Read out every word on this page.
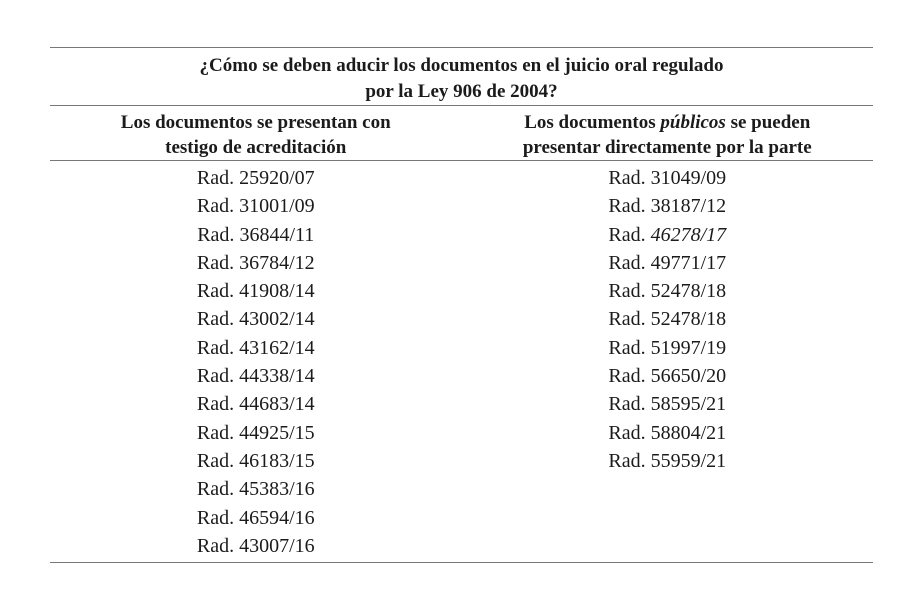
¿Cómo se deben aducir los documentos en el juicio oral regulado
por la Ley 906 de 2004?
Los documentos se presentan con
testigo de acreditación
Los documentos públicos se pueden
presentar directamente por la parte
Rad. 25920/07
Rad. 31001/09
Rad. 36844/11
Rad. 36784/12
Rad. 41908/14
Rad. 43002/14
Rad. 43162/14
Rad. 44338/14
Rad. 44683/14
Rad. 44925/15
Rad. 46183/15
Rad. 45383/16
Rad. 46594/16
Rad. 43007/16
Rad. 31049/09
Rad. 38187/12
Rad. 46278/17
Rad. 49771/17
Rad. 52478/18
Rad. 52478/18
Rad. 51997/19
Rad. 56650/20
Rad. 58595/21
Rad. 58804/21
Rad. 55959/21
